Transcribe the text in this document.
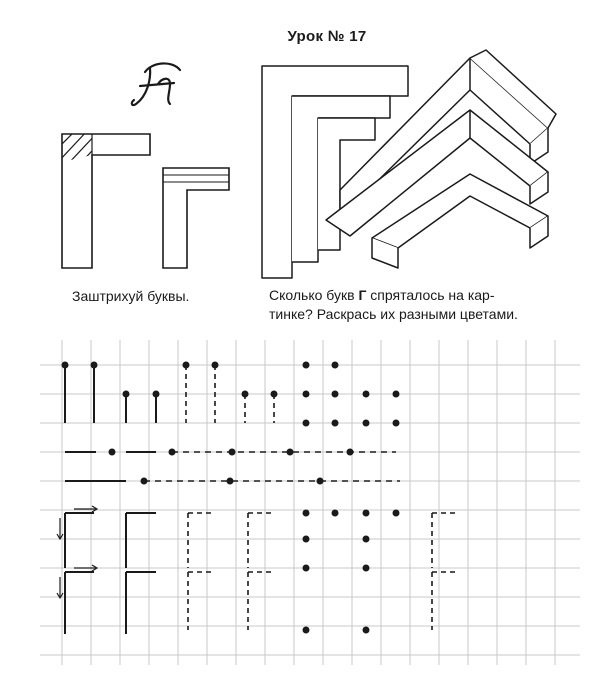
Урок № 17
Заштрихуй буквы.	Сколько букв Г спряталось на кар-
тинке? Раскрась их разными цветами.
